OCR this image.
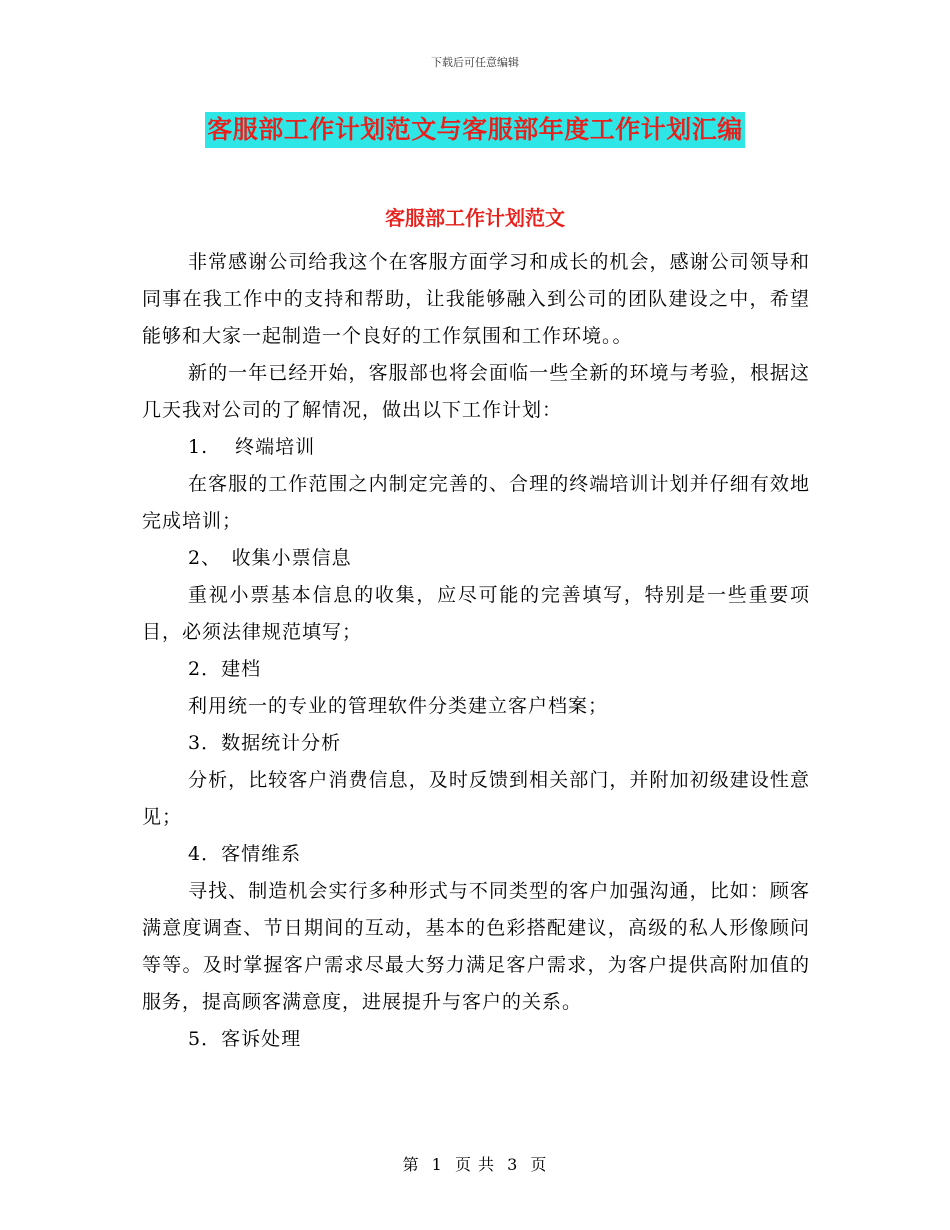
下载后可任意编辑
客服部工作计划范文与客服部年度工作计划汇编
客服部工作计划范文

非常感谢公司给我这个在客服方面学习和成长的机会，感谢公司领导和同事在我工作中的支持和帮助，让我能够融入到公司的团队建设之中，希望能够和大家一起制造一个良好的工作氛围和工作环境。。

新的一年已经开始，客服部也将会面临一些全新的环境与考验，根据这几天我对公司的了解情况，做出以下工作计划：

1.　 终端培训

在客服的工作范围之内制定完善的、合理的终端培训计划并仔细有效地完成培训；

2、　收集小票信息

重视小票基本信息的收集，应尽可能的完善填写，特别是一些重要项目，必须法律规范填写；

2．建档

利用统一的专业的管理软件分类建立客户档案；

3．数据统计分析

分析，比较客户消费信息，及时反馈到相关部门，并附加初级建设性意见；

4．客情维系

寻找、制造机会实行多种形式与不同类型的客户加强沟通，比如：顾客满意度调查、节日期间的互动，基本的色彩搭配建议，高级的私人形像顾问等等。及时掌握客户需求尽最大努力满足客户需求，为客户提供高附加值的服务，提高顾客满意度，进展提升与客户的关系。

5．客诉处理

第 1 页 共 3 页
